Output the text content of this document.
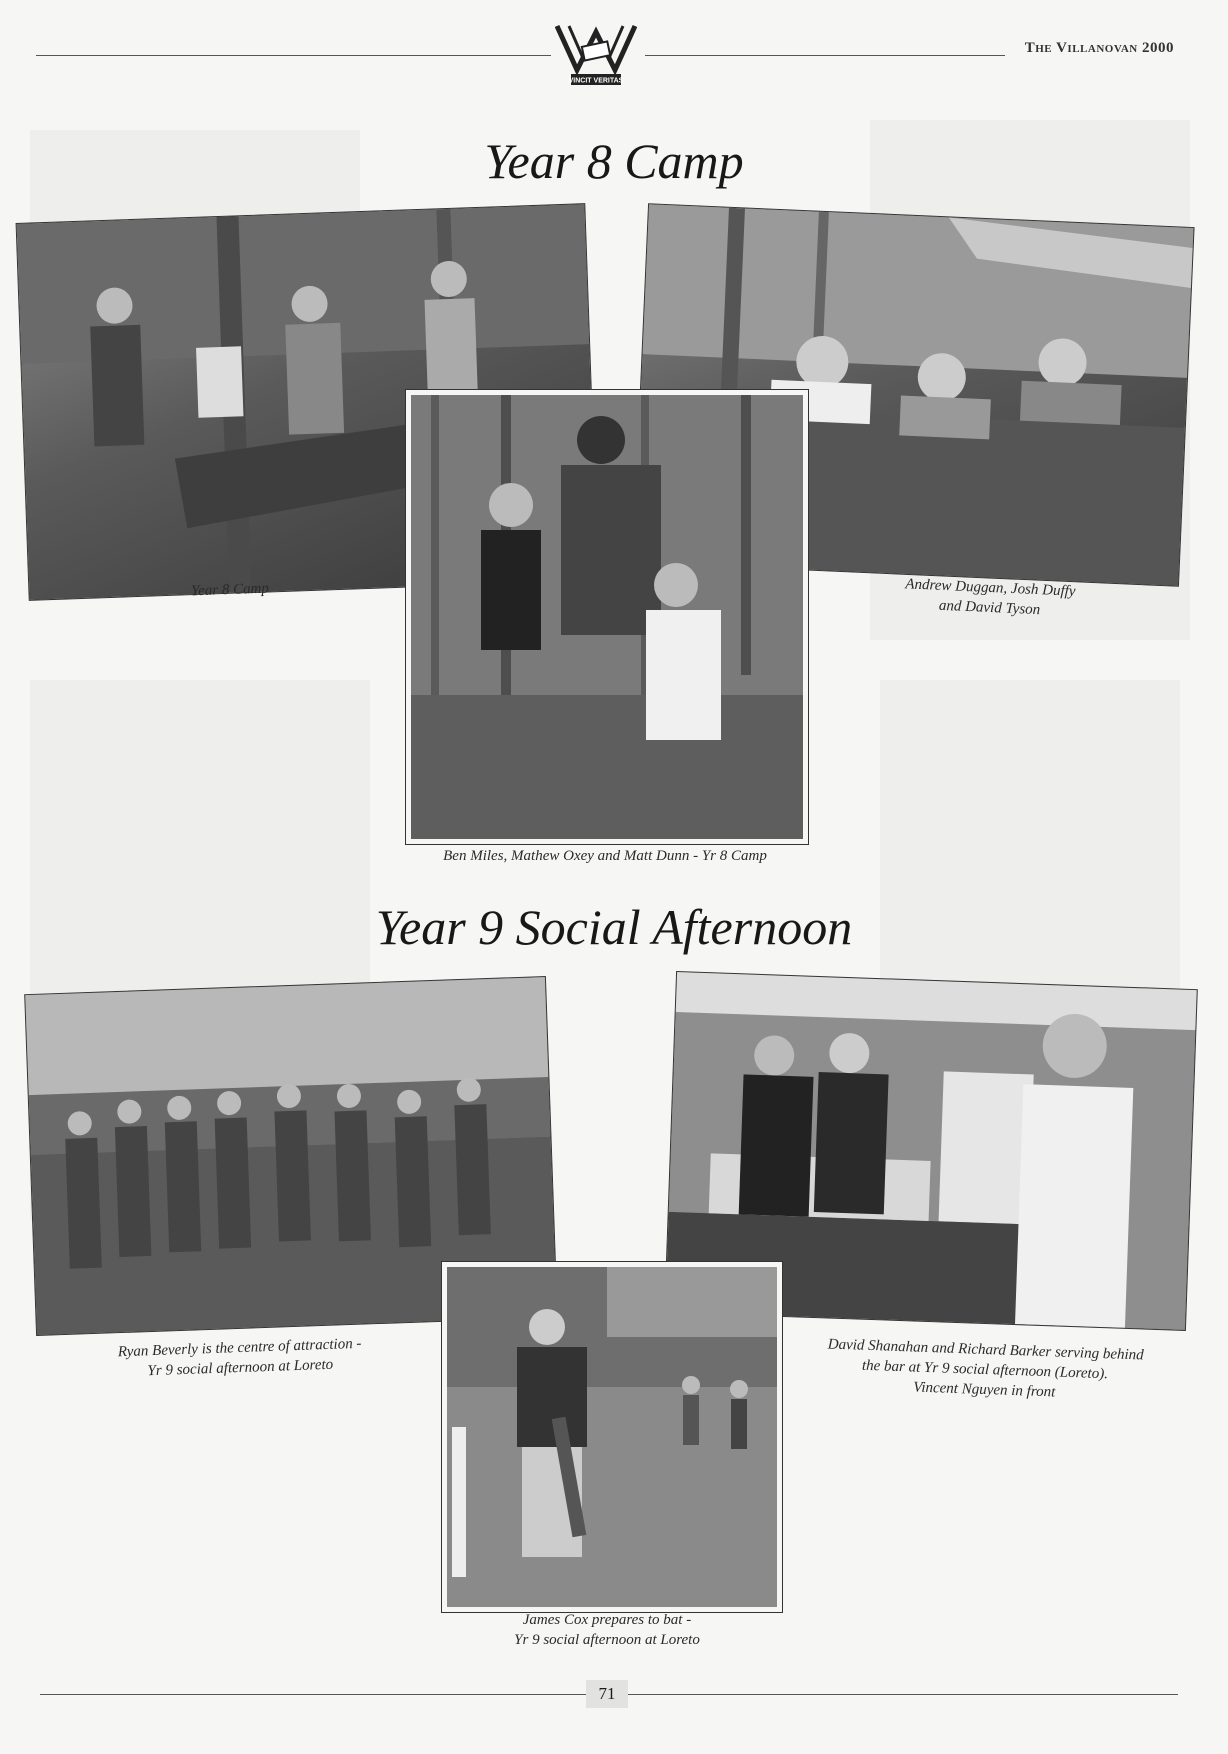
VINCIT VERITAS
The Villanovan 2000
Year 8 Camp
Year 8 Camp	Andrew Duggan, Josh Duffy
and David Tyson
Ben Miles, Mathew Oxey and Matt Dunn - Yr 8 Camp
Year 9 Social Afternoon
Ryan Beverly is the centre of attraction -
Yr 9 social afternoon at Loreto
David Shanahan and Richard Barker serving behind
the bar at Yr 9 social afternoon (Loreto).
Vincent Nguyen in front
James Cox prepares to bat -
Yr 9 social afternoon at Loreto
71
